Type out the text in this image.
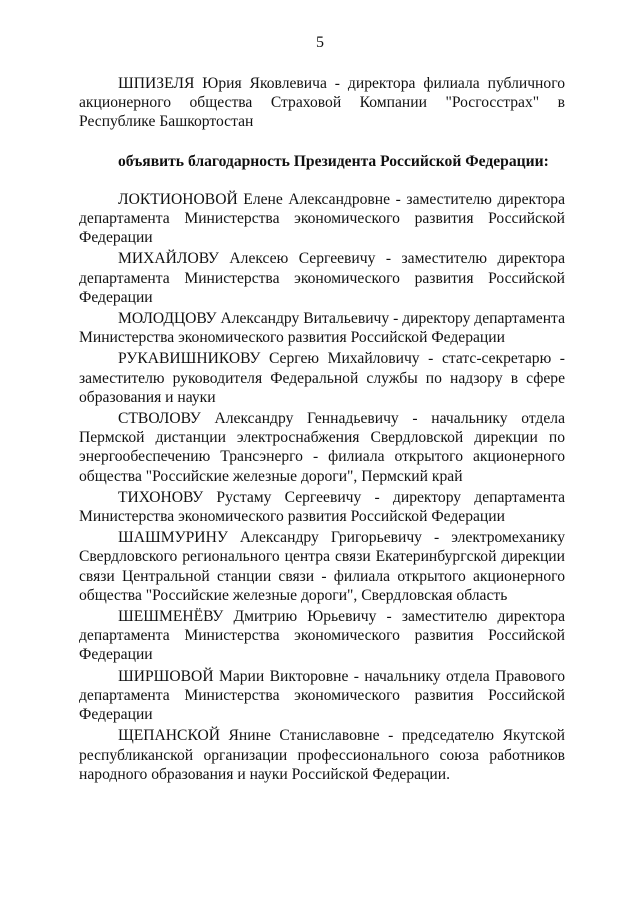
5

ШПИЗЕЛЯ Юрия Яковлевича - директора филиала публичного акционерного общества Страховой Компании "Росгосстрах" в Республике Башкортостан

объявить благодарность Президента Российской Федерации:

ЛОКТИОНОВОЙ Елене Александровне - заместителю директора департамента Министерства экономического развития Российской Федерации

МИХАЙЛОВУ Алексею Сергеевичу - заместителю директора департамента Министерства экономического развития Российской Федерации

МОЛОДЦОВУ Александру Витальевичу - директору департамента Министерства экономического развития Российской Федерации

РУКАВИШНИКОВУ Сергею Михайловичу - статс-секретарю - заместителю руководителя Федеральной службы по надзору в сфере образования и науки

СТВОЛОВУ Александру Геннадьевичу - начальнику отдела Пермской дистанции электроснабжения Свердловской дирекции по энергообеспечению Трансэнерго - филиала открытого акционерного общества "Российские железные дороги", Пермский край

ТИХОНОВУ Рустаму Сергеевичу - директору департамента Министерства экономического развития Российской Федерации

ШАШМУРИНУ Александру Григорьевичу - электромеханику Свердловского регионального центра связи Екатеринбургской дирекции связи Центральной станции связи - филиала открытого акционерного общества "Российские железные дороги", Свердловская область

ШЕШМЕНЁВУ Дмитрию Юрьевичу - заместителю директора департамента Министерства экономического развития Российской Федерации

ШИРШОВОЙ Марии Викторовне - начальнику отдела Правового департамента Министерства экономического развития Российской Федерации

ЩЕПАНСКОЙ Янине Станиславовне - председателю Якутской республиканской организации профессионального союза работников народного образования и науки Российской Федерации.
